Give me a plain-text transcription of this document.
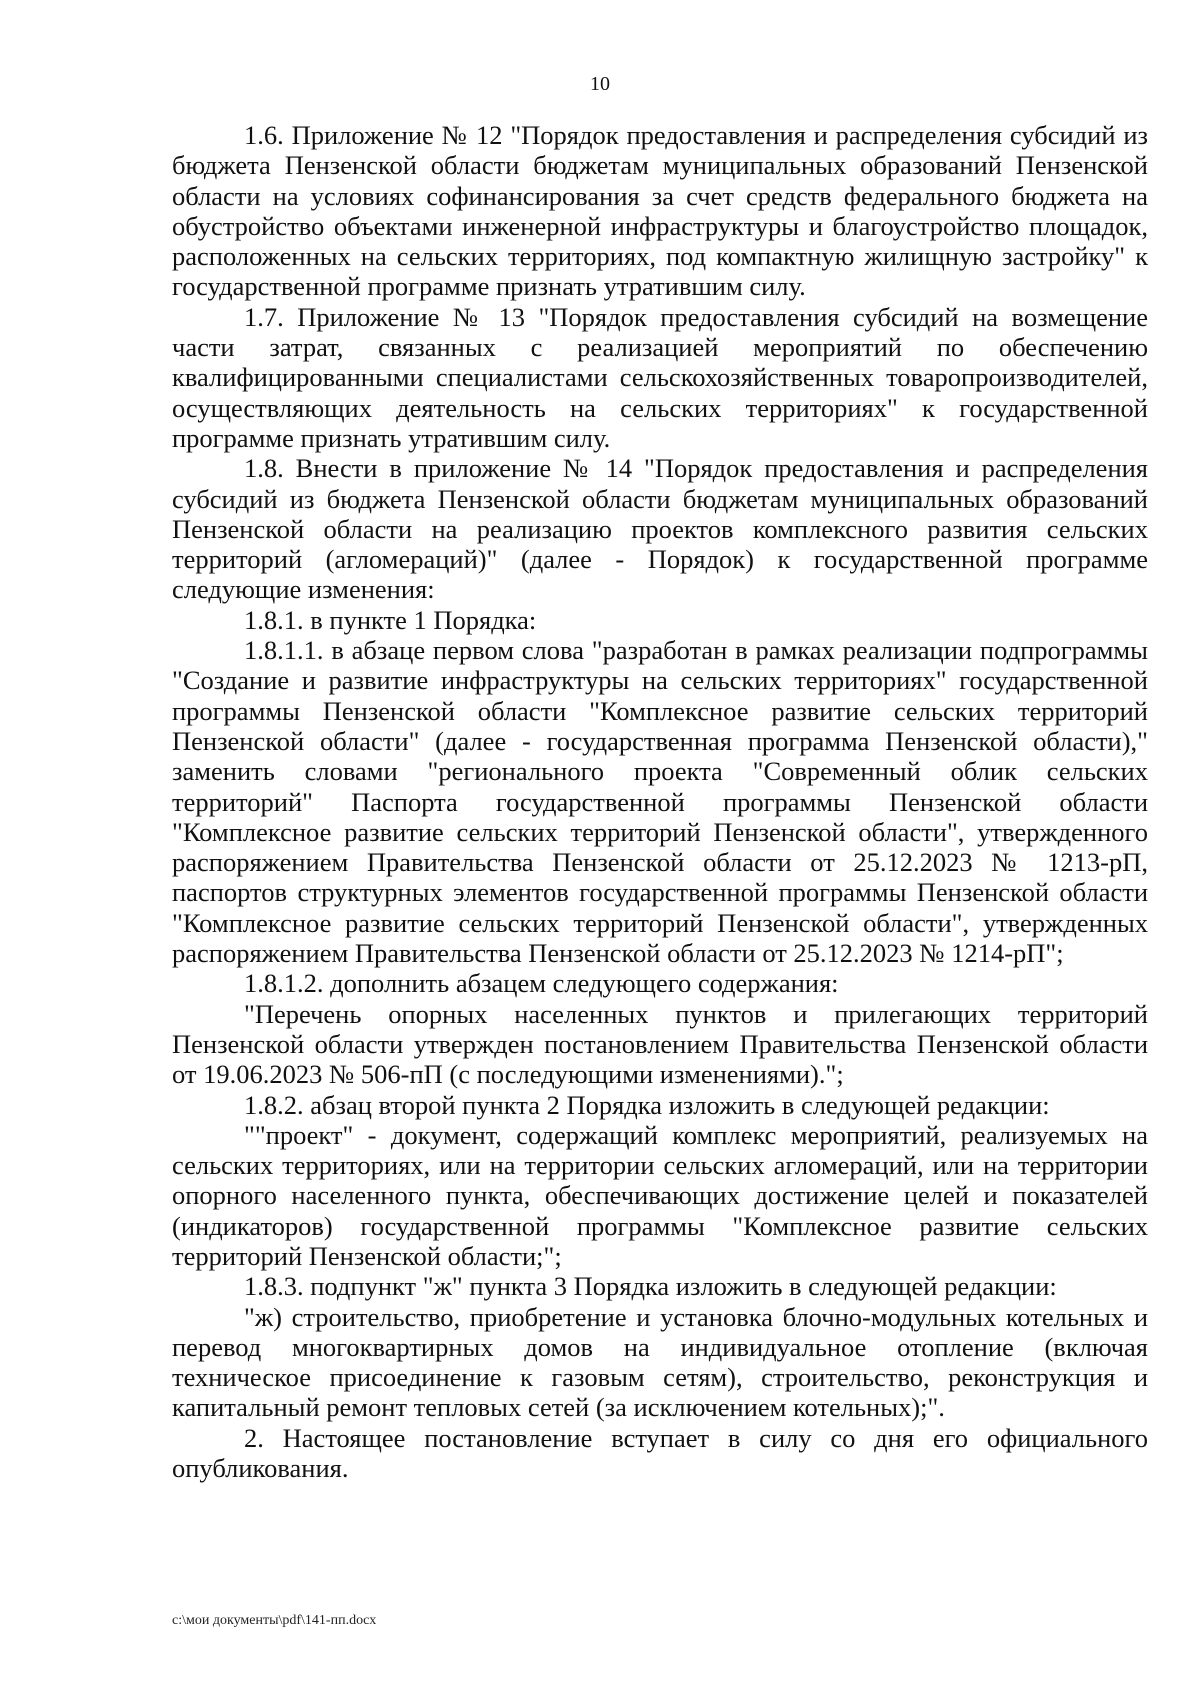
10

1.6. Приложение № 12 "Порядок предоставления и распределения субсидий из бюджета Пензенской области бюджетам муниципальных образований Пензенской области на условиях софинансирования за счет средств федерального бюджета на обустройство объектами инженерной инфраструктуры и благоустройство площадок, расположенных на сельских территориях, под компактную жилищную застройку" к государственной программе признать утратившим силу.

1.7. Приложение № 13 "Порядок предоставления субсидий на возмещение части затрат, связанных с реализацией мероприятий по обеспечению квалифицированными специалистами сельскохозяйственных товаропроизводителей, осуществляющих деятельность на сельских территориях" к государственной программе признать утратившим силу.

1.8. Внести в приложение № 14 "Порядок предоставления и распределения субсидий из бюджета Пензенской области бюджетам муниципальных образований Пензенской области на реализацию проектов комплексного развития сельских территорий (агломераций)" (далее - Порядок) к государственной программе следующие изменения:

1.8.1. в пункте 1 Порядка:

1.8.1.1. в абзаце первом слова "разработан в рамках реализации подпрограммы "Создание и развитие инфраструктуры на сельских территориях" государственной программы Пензенской области "Комплексное развитие сельских территорий Пензенской области" (далее - государственная программа Пензенской области)," заменить словами "регионального проекта "Современный облик сельских территорий" Паспорта государственной программы Пензенской области "Комплексное развитие сельских территорий Пензенской области", утвержденного распоряжением Правительства Пензенской области от 25.12.2023 № 1213-рП, паспортов структурных элементов государственной программы Пензенской области "Комплексное развитие сельских территорий Пензенской области", утвержденных распоряжением Правительства Пензенской области от 25.12.2023 № 1214-рП";

1.8.1.2. дополнить абзацем следующего содержания:

"Перечень опорных населенных пунктов и прилегающих территорий Пензенской области утвержден постановлением Правительства Пензенской области от 19.06.2023 № 506-пП (с последующими изменениями).";

1.8.2. абзац второй пункта 2 Порядка изложить в следующей редакции:

""проект" - документ, содержащий комплекс мероприятий, реализуемых на сельских территориях, или на территории сельских агломераций, или на территории опорного населенного пункта, обеспечивающих достижение целей и показателей (индикаторов) государственной программы "Комплексное развитие сельских территорий Пензенской области;";

1.8.3. подпункт "ж" пункта 3 Порядка изложить в следующей редакции:

"ж) строительство, приобретение и установка блочно-модульных котельных и перевод многоквартирных домов на индивидуальное отопление (включая техническое присоединение к газовым сетям), строительство, реконструкция и капитальный ремонт тепловых сетей (за исключением котельных);".

2. Настоящее постановление вступает в силу со дня его официального опубликования.

c:\мои документы\pdf\141-пп.docx
